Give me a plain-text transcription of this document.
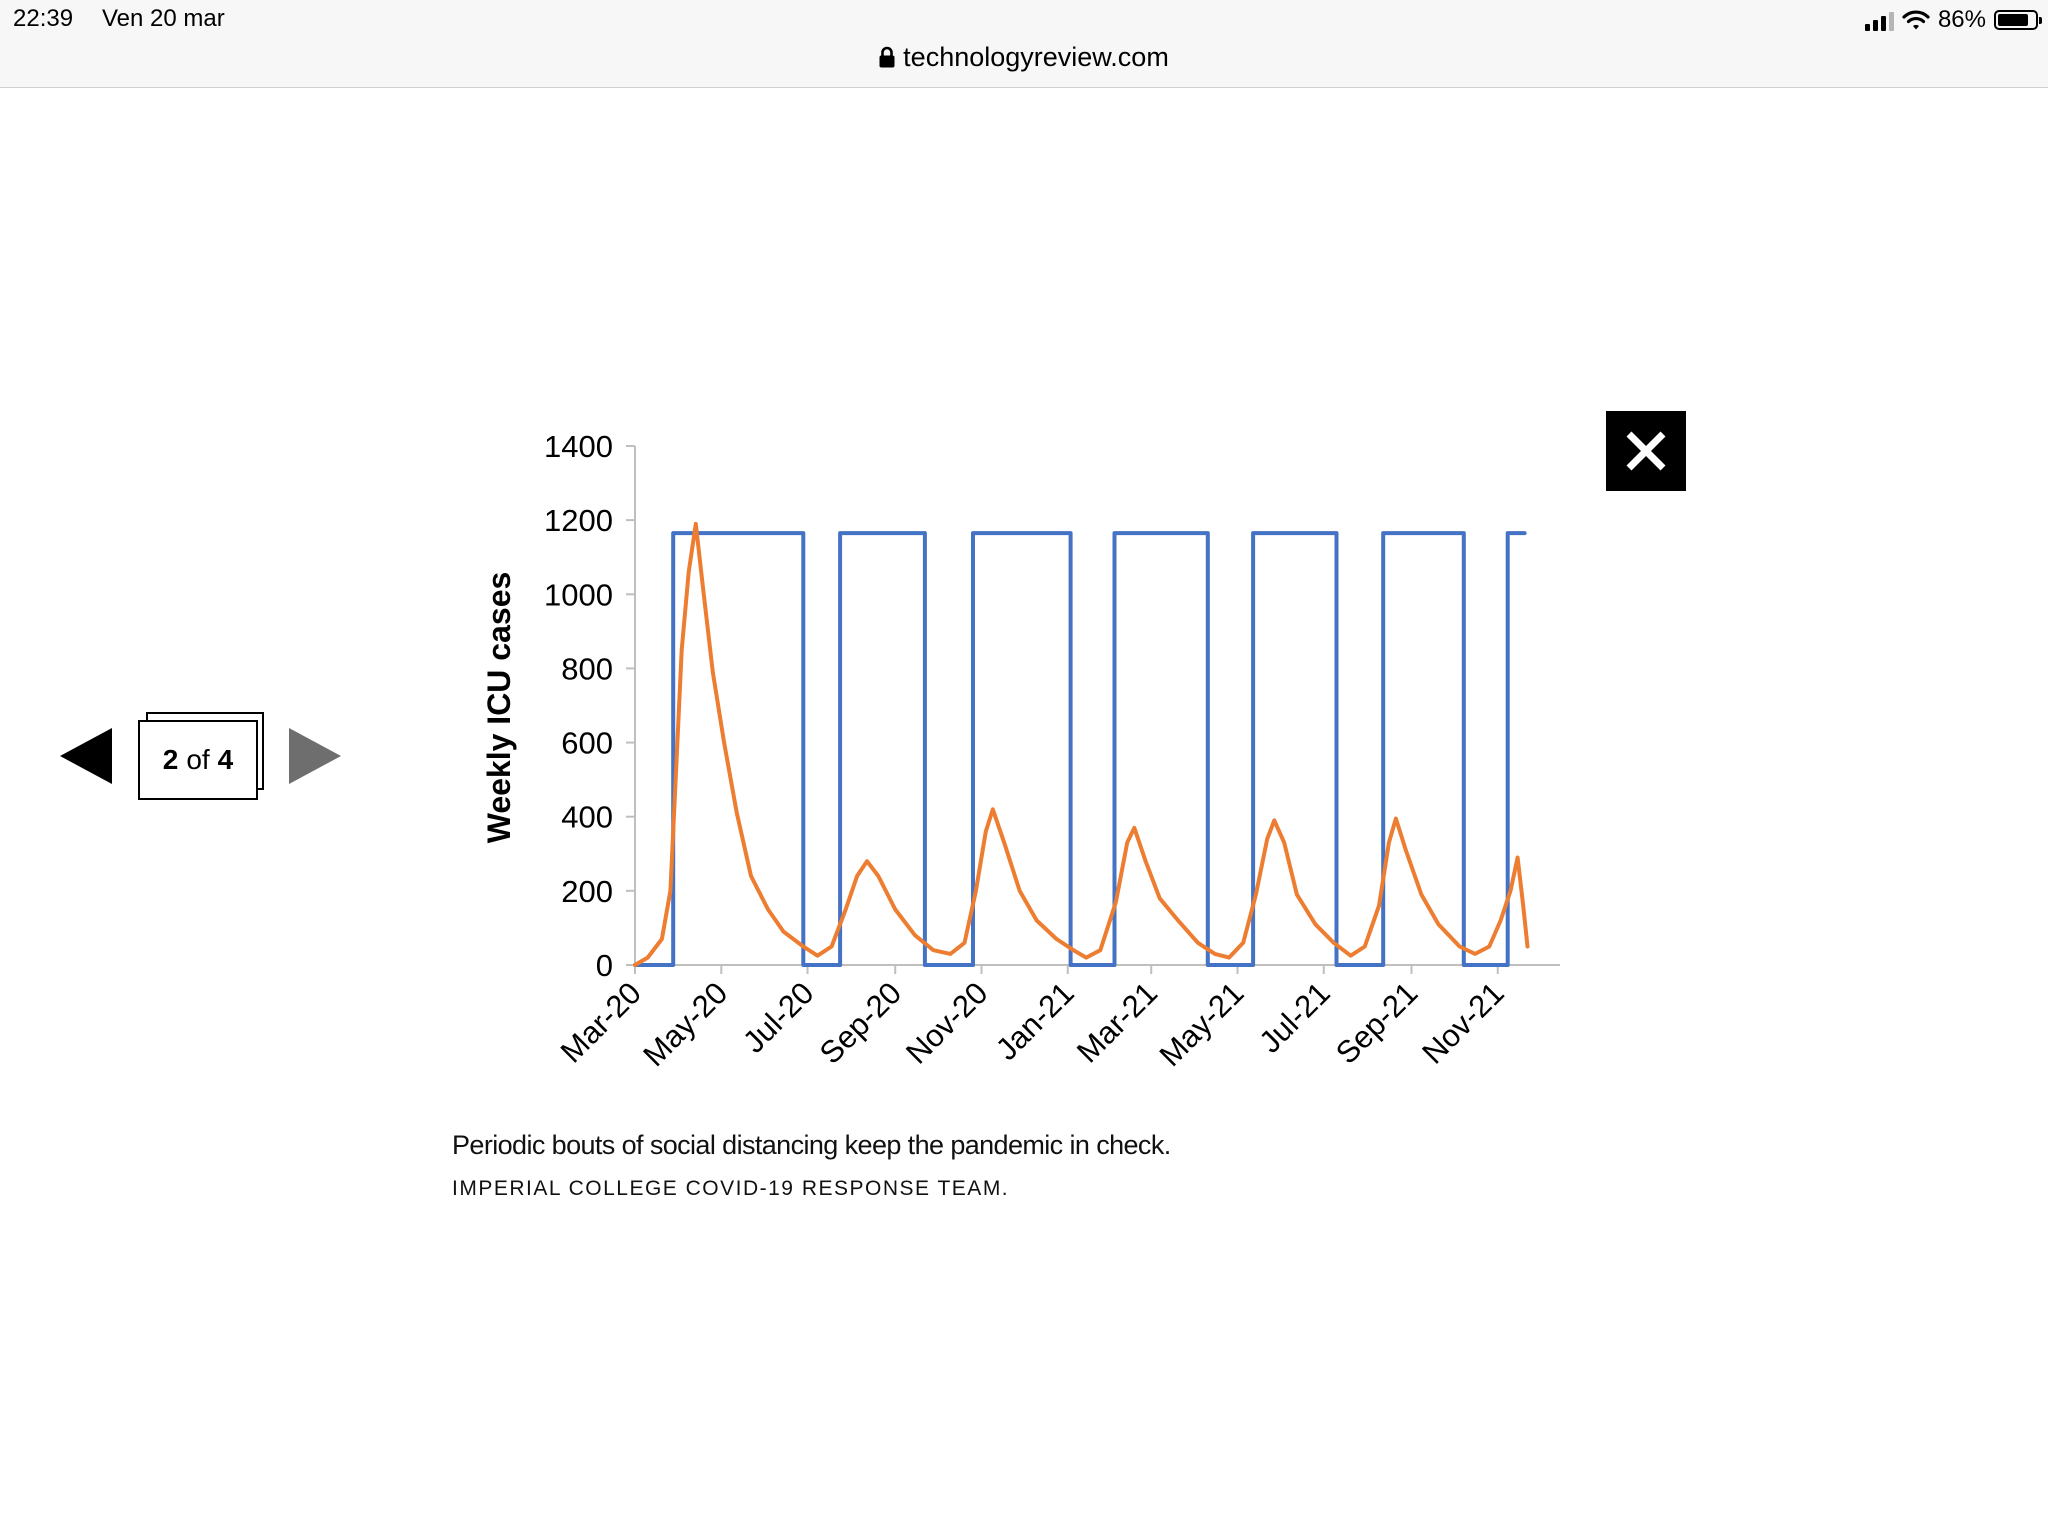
22:39 Ven 20 mar	86%
technologyreview.com
2 of 4
0
200
400
600
800
1000
1200
1400
Mar-20
May-20 Jul-20
Sep-20
Nov-20
Jan-21
Mar-21
May-21 Jul-21
Sep-21
Nov-21
Weekly ICU cases
Periodic bouts of social distancing keep the pandemic in check.
IMPERIAL COLLEGE COVID-19 RESPONSE TEAM.
